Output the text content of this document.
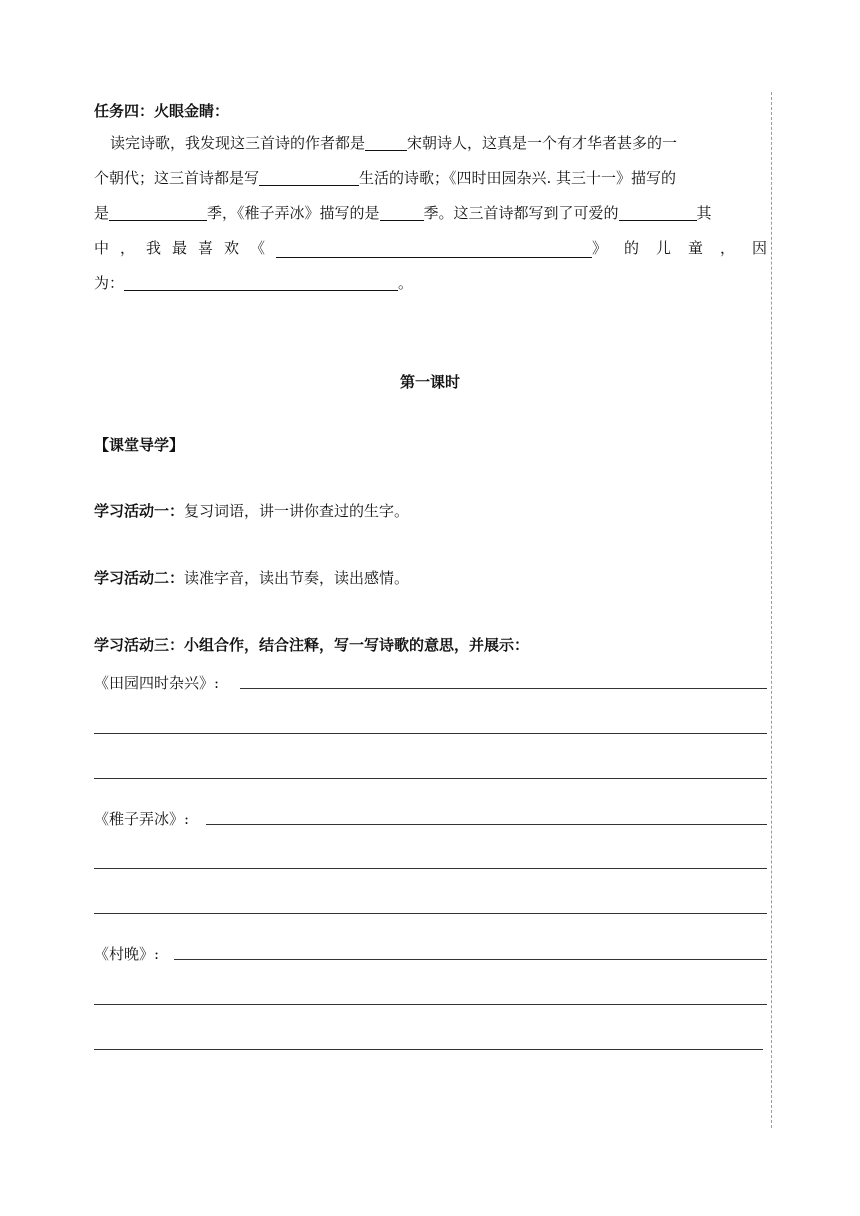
任务四：火眼金睛：
读完诗歌，我发现这三首诗的作者都是	宋朝诗人，这真是一个有才华者甚多的一
个朝代；这三首诗都是写	生活的诗歌；《四时田园杂兴. 其三十一》描写的
是	季，《稚子弄冰》描写的是	季。这三首诗都写到了可爱的	其
中，我最喜欢《	》的儿童，因
为：	。
第一课时
【课堂导学】
学习活动一：复习词语，讲一讲你查过的生字。
学习活动二：读准字音，读出节奏，读出感情。
学习活动三：小组合作，结合注释，写一写诗歌的意思，并展示：
《田园四时杂兴》:
《稚子弄冰》:
《村晚》:
